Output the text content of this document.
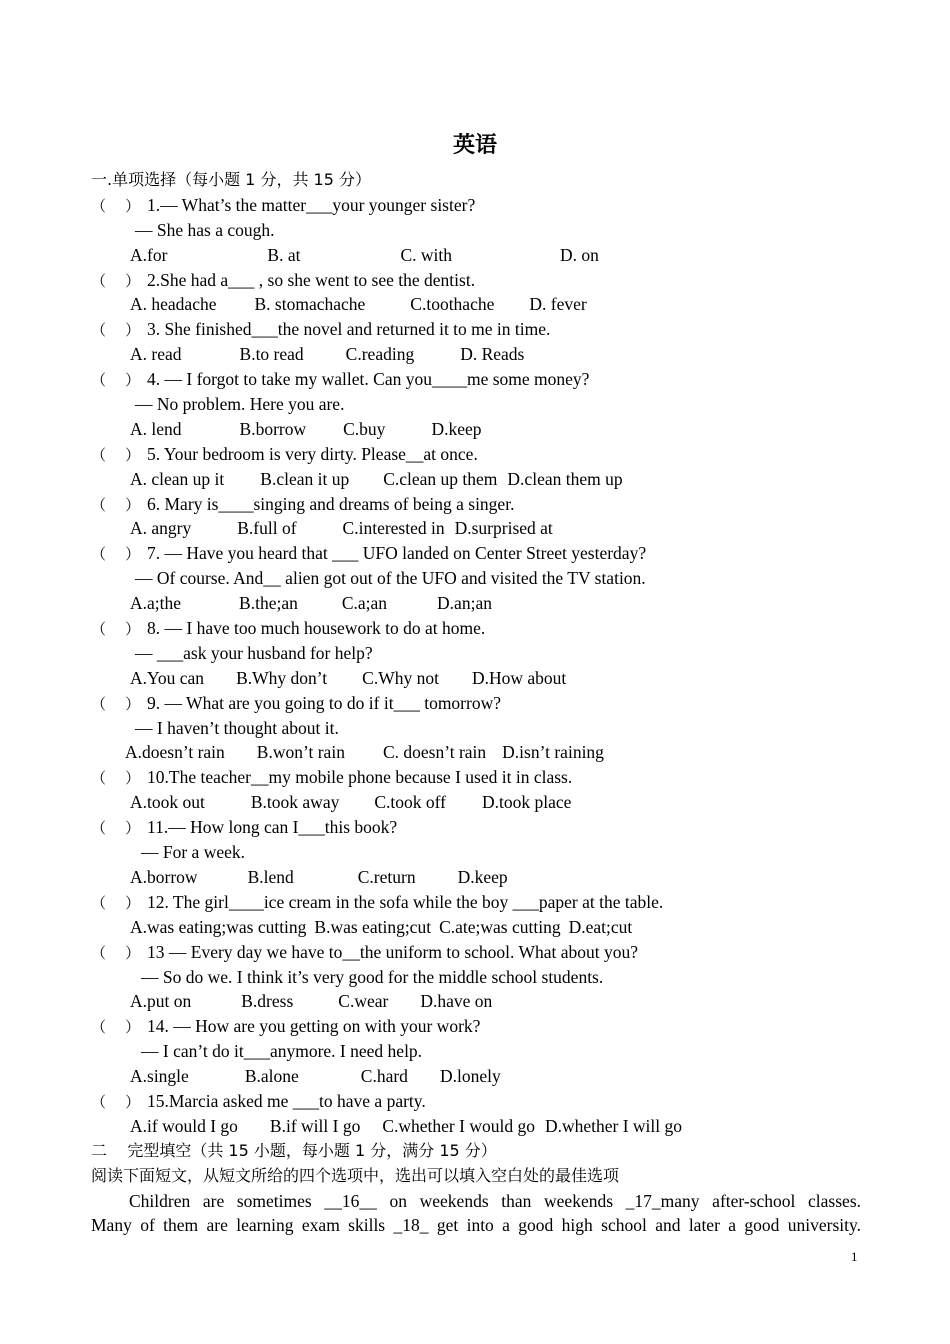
英语
一.单项选择（每小题 1 分，共 15 分）
（    ） 1.— What’s the matter___your younger sister?
— She has a cough.
A.for	B. at	C. with	D. on
（    ） 2.She had a___ , so she went to see the dentist.
A. headache B. stomachache	C.toothache D. fever
（    ） 3. She finished___the novel and returned it to me in time.
A. read	B.to read C.reading	D. Reads
（    ） 4. — I forgot to take my wallet. Can you____me some money?
— No problem. Here you are.
A. lend	B.borrow C.buy	D.keep
（    ） 5. Your bedroom is very dirty. Please__at once.
A. clean up it B.clean it up C.clean up them D.clean them up
（    ） 6. Mary is____singing and dreams of being a singer.
A. angry	B.full of	C.interested in D.surprised at
（    ） 7. — Have you heard that ___ UFO landed on Center Street yesterday?
— Of course. And__ alien got out of the UFO and visited the TV station.
A.a;the	B.the;an	C.a;an	D.an;an
（    ） 8. — I have too much housework to do at home.
— ___ask your husband for help?
A.You can B.Why don’t C.Why not D.How about
（    ） 9. — What are you going to do if it___ tomorrow?
— I haven’t thought about it.
A.doesn’t rain B.won’t rain C. doesn’t rain D.isn’t raining
（    ） 10.The teacher__my mobile phone because I used it in class.
A.took out	B.took away C.took off D.took place
（    ） 11.— How long can I___this book?
— For a week.
A.borrow	B.lend	C.return D.keep
（    ） 12. The girl____ice cream in the sofa while the boy ___paper at the table.
A.was eating;was cutting B.was eating;cut C.ate;was cutting D.eat;cut
（    ） 13 — Every day we have to__the uniform to school. What about you?
— So do we. I think it’s very good for the middle school students.
A.put on	B.dress	C.wear D.have on
（    ） 14. — How are you getting on with your work?
— I can’t do it___anymore. I need help.
A.single	B.alone	C.hard D.lonely
（    ） 15.Marcia asked me ___to have a party.
A.if would I go B.if will I go C.whether I would go D.whether I will go
二    完型填空（共 15 小题，每小题 1 分，满分 15 分）
阅读下面短文，从短文所给的四个选项中，选出可以填入空白处的最佳选项
Children are sometimes __16__ on weekends than weekends _17_many after-school classes.
Many of them are learning exam skills _18_ get into a good high school and later a good university.
1
